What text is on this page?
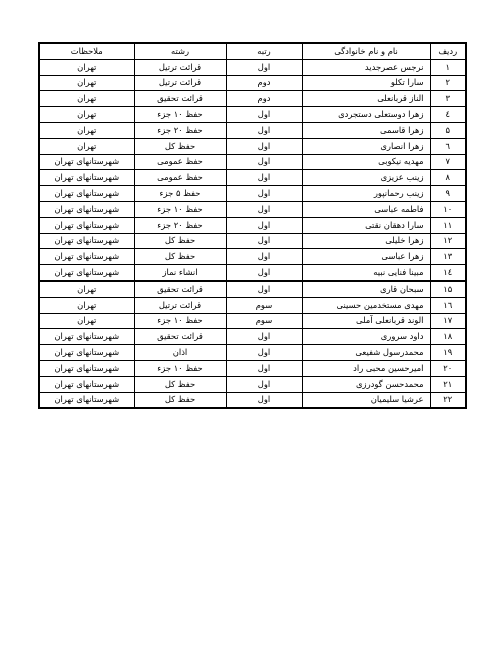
ردیف	نام و نام خانوادگی	رتبه	رشته	ملاحظات
۱	نرجس عصرجدید	اول	قرائت ترتیل	تهران
۲	سارا تکلو	دوم	قرائت ترتیل	تهران
۳	الناز قربانعلی	دوم	قرائت تحقیق	تهران
٤	زهرا دوستعلی دستجردی	اول	حفظ ۱۰ جزء	تهران
۵	زهرا قاسمی	اول	حفظ ۲۰ جزء	تهران
٦	زهرا انصاری	اول	حفظ کل	تهران
۷	مهدیه نیکوبی	اول	حفظ عمومی	شهرستانهای تهران
۸	زینب عزیزی	اول	حفظ عمومی	شهرستانهای تهران
۹	زینب رحمانپور	اول	حفظ ۵ جزء	شهرستانهای تهران
۱۰	فاطمه عباسی	اول	حفظ ۱۰ جزء	شهرستانهای تهران
۱۱	سارا دهقان نقتی	اول	حفظ ۲۰ جزء	شهرستانهای تهران
۱۲	زهرا خلیلی	اول	حفظ کل	شهرستانهای تهران
۱۳	زهرا عباسی	اول	حفظ کل	شهرستانهای تهران
۱٤	مبینا فنایی نبیه	اول	انشاء نماز	شهرستانهای تهران
۱۵	سبحان قاری	اول	قرائت تحقیق	تهران
۱٦	مهدی مستخدمین حسینی	سوم	قرائت ترتیل	تهران
۱۷	الوند قربانعلی آملی	سوم	حفظ ۱۰ جزء	تهران
۱۸	داود سروری	اول	قرائت تحقیق	شهرستانهای تهران
۱۹	محمدرسول شفیعی	اول	اذان	شهرستانهای تهران
۲۰	امیرحسین محبی راد	اول	حفظ ۱۰ جزء	شهرستانهای تهران
۲۱	محمدحسن گودرزی	اول	حفظ کل	شهرستانهای تهران
۲۲	عرشیا سلیمیان	اول	حفظ کل	شهرستانهای تهران
